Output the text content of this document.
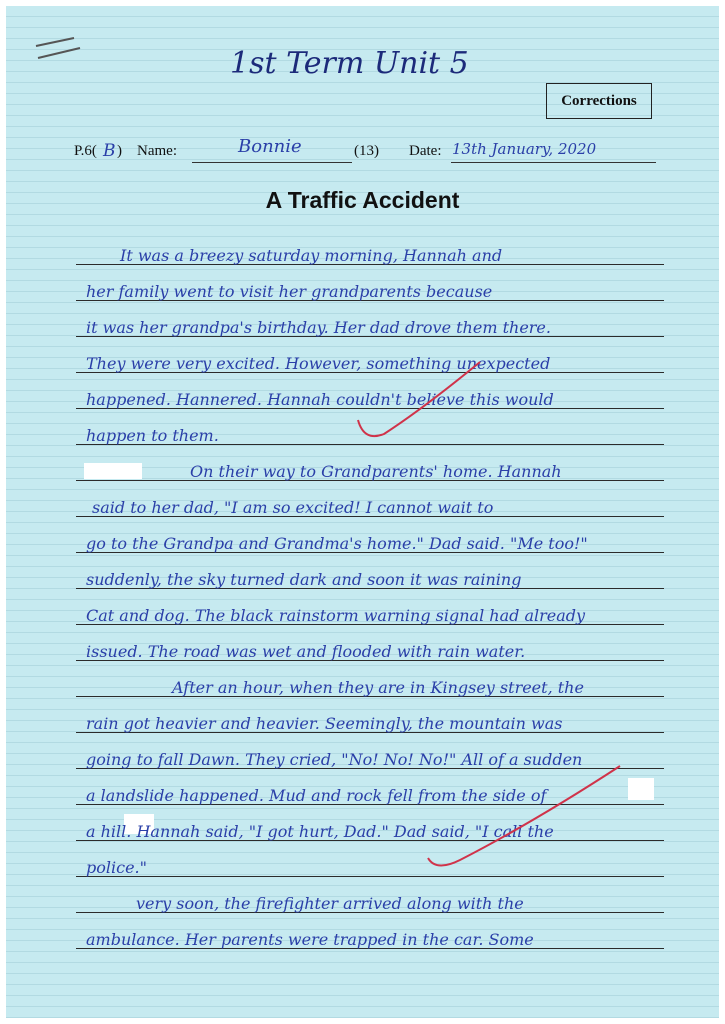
1st Term Unit 5
Corrections
P.6( B ) Name:	Bonnie	(13) Date: 13th January, 2020
A Traffic Accident
It was a breezy saturday morning, Hannah and
her family went to visit her grandparents because
it was her grandpa's birthday. Her dad drove them there.
They were very excited. However, something unexpected
happened. Hannered. Hannah couldn't believe this would
happen to them.
On their way to Grandparents' home. Hannah
said to her dad, "I am so excited! I cannot wait to
go to the Grandpa and Grandma's home." Dad said. "Me too!"
suddenly, the sky turned dark and soon it was raining
Cat and dog. The black rainstorm warning signal had already
issued. The road was wet and flooded with rain water.
After an hour, when they are in Kingsey street, the
rain got heavier and heavier. Seemingly, the mountain was
going to fall Dawn. They cried, "No! No! No!" All of a sudden
a landslide happened. Mud and rock fell from the side of
a hill. Hannah said, "I got hurt, Dad." Dad said, "I call the
police."
very soon, the firefighter arrived along with the
ambulance. Her parents were trapped in the car. Some
